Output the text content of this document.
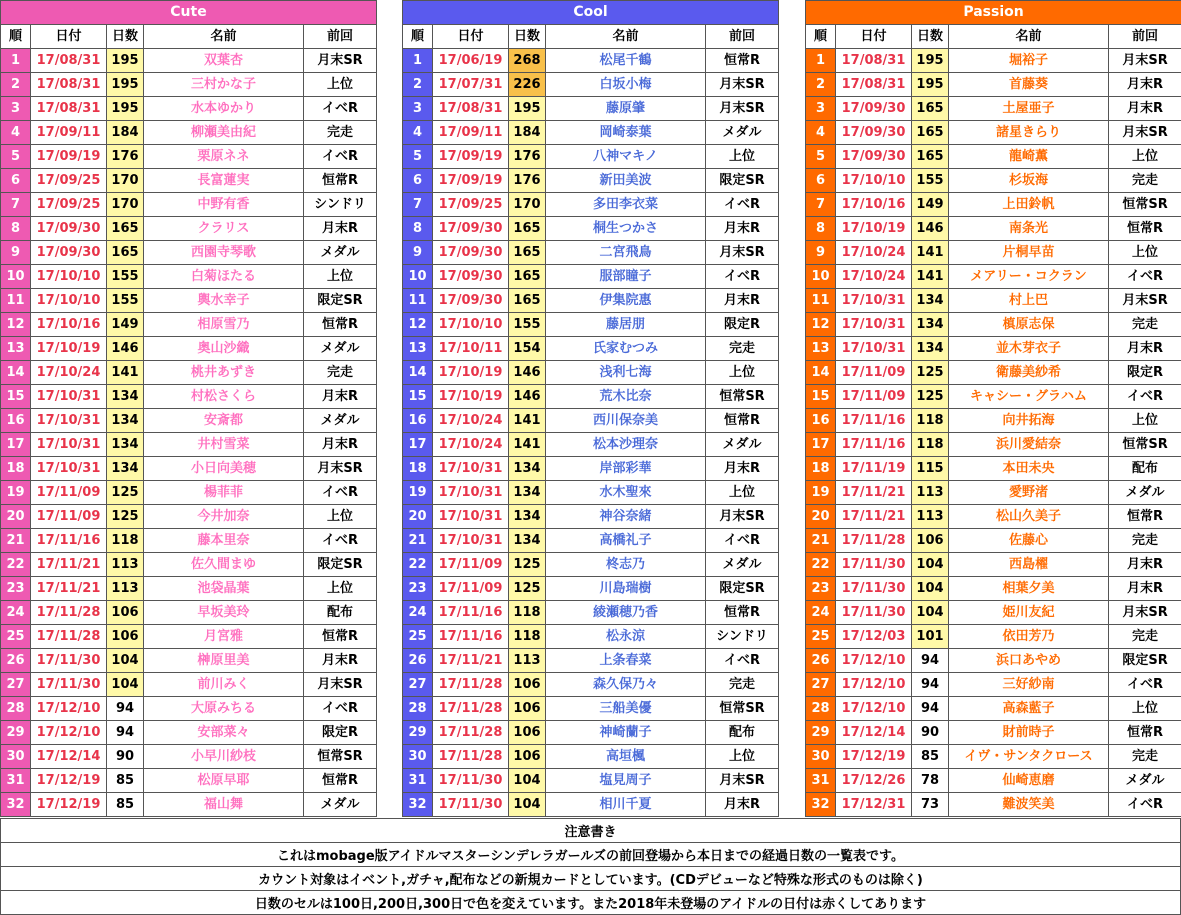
Cute				
順	日付	日数	名前	前回
1	17/08/31	195	双葉杏	月末SR
2	17/08/31	195	三村かな子	上位
3	17/08/31	195	水本ゆかり	イベR
4	17/09/11	184	柳瀬美由紀	完走
5	17/09/19	176	栗原ネネ	イベR
6	17/09/25	170	長富蓮実	恒常R
7	17/09/25	170	中野有香	シンドリ
8	17/09/30	165	クラリス	月末R
9	17/09/30	165	西園寺琴歌	メダル
10	17/10/10	155	白菊ほたる	上位
11	17/10/10	155	輿水幸子	限定SR
12	17/10/16	149	相原雪乃	恒常R
13	17/10/19	146	奥山沙織	メダル
14	17/10/24	141	桃井あずき	完走
15	17/10/31	134	村松さくら	月末R
16	17/10/31	134	安斎都	メダル
17	17/10/31	134	井村雪菜	月末R
18	17/10/31	134	小日向美穂	月末SR
19	17/11/09	125	楊菲菲	イベR
20	17/11/09	125	今井加奈	上位
21	17/11/16	118	藤本里奈	イベR
22	17/11/21	113	佐久間まゆ	限定SR
23	17/11/21	113	池袋晶葉	上位
24	17/11/28	106	早坂美玲	配布
25	17/11/28	106	月宮雅	恒常R
26	17/11/30	104	榊原里美	月末R
27	17/11/30	104	前川みく	月末SR
28	17/12/10	94	大原みちる	イベR
29	17/12/10	94	安部菜々	限定R
30	17/12/14	90	小早川紗枝	恒常SR
31	17/12/19	85	松原早耶	恒常R
32	17/12/19	85	福山舞	メダル
Cool				
順	日付	日数	名前	前回
1	17/06/19	268	松尾千鶴	恒常R
2	17/07/31	226	白坂小梅	月末SR
3	17/08/31	195	藤原肇	月末SR
4	17/09/11	184	岡崎泰葉	メダル
5	17/09/19	176	八神マキノ	上位
6	17/09/19	176	新田美波	限定SR
7	17/09/25	170	多田李衣菜	イベR
8	17/09/30	165	桐生つかさ	月末R
9	17/09/30	165	二宮飛鳥	月末SR
10	17/09/30	165	服部瞳子	イベR
11	17/09/30	165	伊集院惠	月末R
12	17/10/10	155	藤居朋	限定R
13	17/10/11	154	氏家むつみ	完走
14	17/10/19	146	浅利七海	上位
15	17/10/19	146	荒木比奈	恒常SR
16	17/10/24	141	西川保奈美	恒常R
17	17/10/24	141	松本沙理奈	メダル
18	17/10/31	134	岸部彩華	月末R
19	17/10/31	134	水木聖來	上位
20	17/10/31	134	神谷奈緒	月末SR
21	17/10/31	134	高橋礼子	イベR
22	17/11/09	125	柊志乃	メダル
23	17/11/09	125	川島瑞樹	限定SR
24	17/11/16	118	綾瀬穂乃香	恒常R
25	17/11/16	118	松永涼	シンドリ
26	17/11/21	113	上条春菜	イベR
27	17/11/28	106	森久保乃々	完走
28	17/11/28	106	三船美優	恒常SR
29	17/11/28	106	神崎蘭子	配布
30	17/11/28	106	高垣楓	上位
31	17/11/30	104	塩見周子	月末SR
32	17/11/30	104	相川千夏	月末R
Passion				
順	日付	日数	名前	前回
1	17/08/31	195	堀裕子	月末SR
2	17/08/31	195	首藤葵	月末R
3	17/09/30	165	土屋亜子	月末R
4	17/09/30	165	諸星きらり	月末SR
5	17/09/30	165	龍崎薫	上位
6	17/10/10	155	杉坂海	完走
7	17/10/16	149	上田鈴帆	恒常SR
8	17/10/19	146	南条光	恒常R
9	17/10/24	141	片桐早苗	上位
10	17/10/24	141	メアリー・コクラン	イベR
11	17/10/31	134	村上巴	月末SR
12	17/10/31	134	槙原志保	完走
13	17/10/31	134	並木芽衣子	月末R
14	17/11/09	125	衛藤美紗希	限定R
15	17/11/09	125	キャシー・グラハム	イベR
16	17/11/16	118	向井拓海	上位
17	17/11/16	118	浜川愛結奈	恒常SR
18	17/11/19	115	本田未央	配布
19	17/11/21	113	愛野渚	メダル
20	17/11/21	113	松山久美子	恒常R
21	17/11/28	106	佐藤心	完走
22	17/11/30	104	西島櫂	月末R
23	17/11/30	104	相葉夕美	月末R
24	17/11/30	104	姫川友紀	月末SR
25	17/12/03	101	依田芳乃	完走
26	17/12/10	94	浜口あやめ	限定SR
27	17/12/10	94	三好紗南	イベR
28	17/12/10	94	高森藍子	上位
29	17/12/14	90	財前時子	恒常R
30	17/12/19	85	イヴ・サンタクロース	完走
31	17/12/26	78	仙崎恵磨	メダル
32	17/12/31	73	難波笑美	イベR
注意書き
これはmobage版アイドルマスターシンデレラガールズの前回登場から本日までの経過日数の一覧表です。
カウント対象はイベント,ガチャ,配布などの新規カードとしています。(CDデビューなど特殊な形式のものは除く)
日数のセルは100日,200日,300日で色を変えています。また2018年未登場のアイドルの日付は赤くしてあります
